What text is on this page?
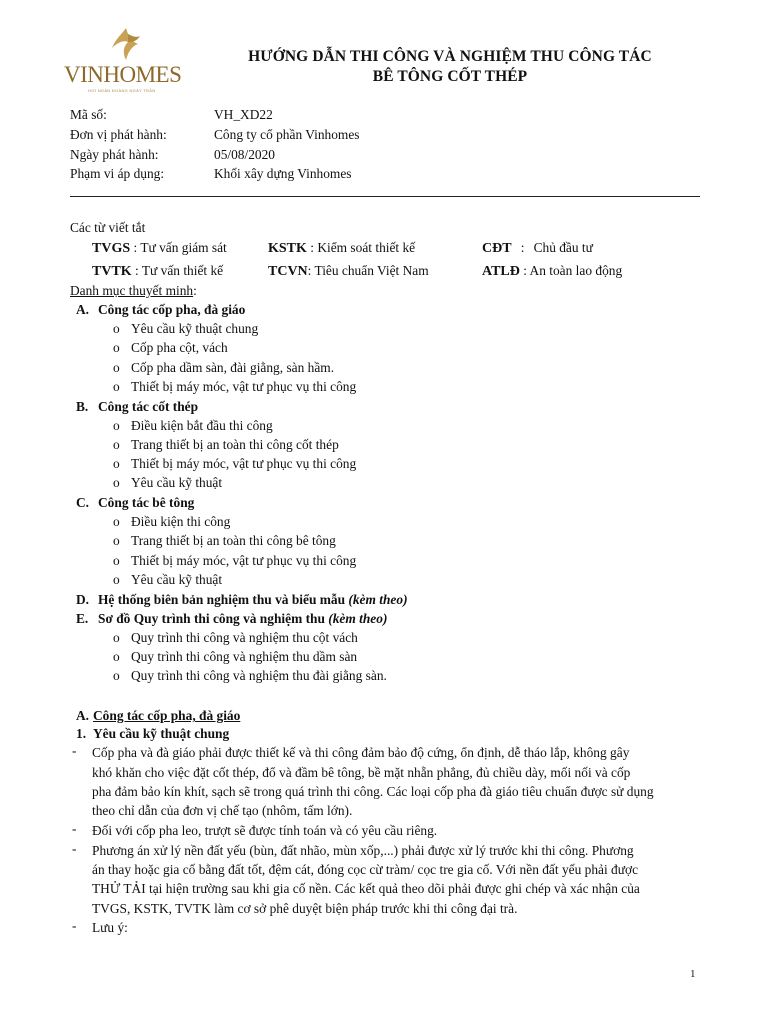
VINHOMES
HƠI NGÂN ĐOÀNG NGÀY TRẦN
HƯỚNG DẪN THI CÔNG VÀ NGHIỆM THU CÔNG TÁC
BÊ TÔNG CỐT THÉP
Mã số:	VH_XD22
Đơn vị phát hành:	Công ty cổ phần Vinhomes
Ngày phát hành:	05/08/2020
Phạm vi áp dụng:	Khối xây dựng Vinhomes
Các từ viết tắt
TVGS : Tư vấn giám sát	KSTK : Kiểm soát thiết kế	CĐT:Chủ đầu tư
TVTK : Tư vấn thiết kế	TCVN: Tiêu chuẩn Việt Nam	ATLĐ : An toàn lao động
Danh mục thuyết minh:
A. Công tác cốp pha, đà giáo
o Yêu cầu kỹ thuật chung
o Cốp pha cột, vách
o Cốp pha dầm sàn, đài giằng, sàn hầm.
o Thiết bị máy móc, vật tư phục vụ thi công
B. Công tác cốt thép
o Điều kiện bắt đầu thi công
o Trang thiết bị an toàn thi công cốt thép
o Thiết bị máy móc, vật tư phục vụ thi công
o Yêu cầu kỹ thuật
C. Công tác bê tông
o Điều kiện thi công
o Trang thiết bị an toàn thi công bê tông
o Thiết bị máy móc, vật tư phục vụ thi công
o Yêu cầu kỹ thuật
D. Hệ thống biên bản nghiệm thu và biểu mẫu (kèm theo)
E. Sơ đồ Quy trình thi công và nghiệm thu (kèm theo)
o Quy trình thi công và nghiệm thu cột vách
o Quy trình thi công và nghiệm thu dầm sàn
o Quy trình thi công và nghiệm thu đài giằng sàn.
A. Công tác cốp pha, đà giáo
1. Yêu cầu kỹ thuật chung
- Cốp pha và đà giáo phải được thiết kế và thi công đảm bảo độ cứng, ổn định, dễ tháo lắp, không gây
khó khăn cho việc đặt cốt thép, đổ và đầm bê tông, bề mặt nhẵn phẳng, đủ chiều dày, mối nối và cốp
pha đảm bảo kín khít, sạch sẽ trong quá trình thi công. Các loại cốp pha đà giáo tiêu chuẩn được sử dụng
theo chỉ dẫn của đơn vị chế tạo (nhôm, tấm lớn).
- Đối với cốp pha leo, trượt sẽ được tính toán và có yêu cầu riêng.
- Phương án xử lý nền đất yếu (bùn, đất nhão, mùn xốp,...) phải được xử lý trước khi thi công. Phương
án thay hoặc gia cố bằng đất tốt, đệm cát, đóng cọc cừ tràm/ cọc tre gia cố. Với nền đất yếu phải được
THỬ TẢI tại hiện trường sau khi gia cố nền. Các kết quả theo dõi phải được ghi chép và xác nhận của
TVGS, KSTK, TVTK làm cơ sở phê duyệt biện pháp trước khi thi công đại trà.
- Lưu ý:
1
